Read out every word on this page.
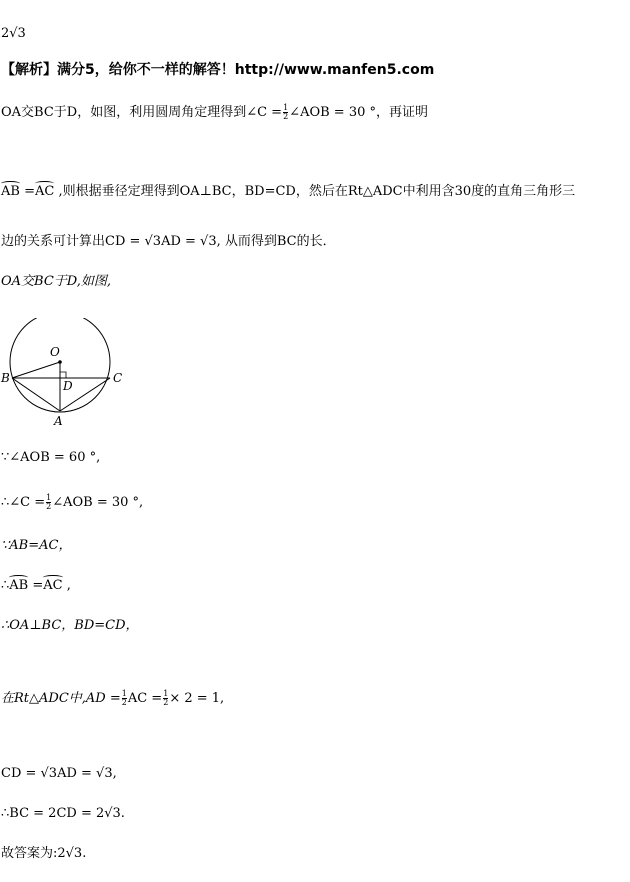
2√3
【解析】满分5，给你不一样的解答！http://www.manfen5.com
OA交BC于D，如图，利用圆周角定理得到∠C = $\frac{1}{2}$ ∠AOB = 30 °，再证明
AB =AC ,则根据垂径定理得到OA⊥BC，BD=CD，然后在Rt△ADC中利用含30度的直角三角形三
边的关系可计算出CD = √3AD = √3, 从而得到BC的长．
OA交BC于D,如图,
O
B	C
D
A
∵∠AOB = 60 °,
∴∠C = $\frac{1}{2}$ ∠AOB = 30 °,
∵AB=AC，
∴AB =AC ,
∴OA⊥BC，BD=CD，
在Rt△ADC中$,AD = \frac{1}{2}$ AC = $\frac{1}{2} \times 2 = 1$,
CD = √3AD = √3,
∴BC = 2CD = 2√3.
故答案为:2√3.
